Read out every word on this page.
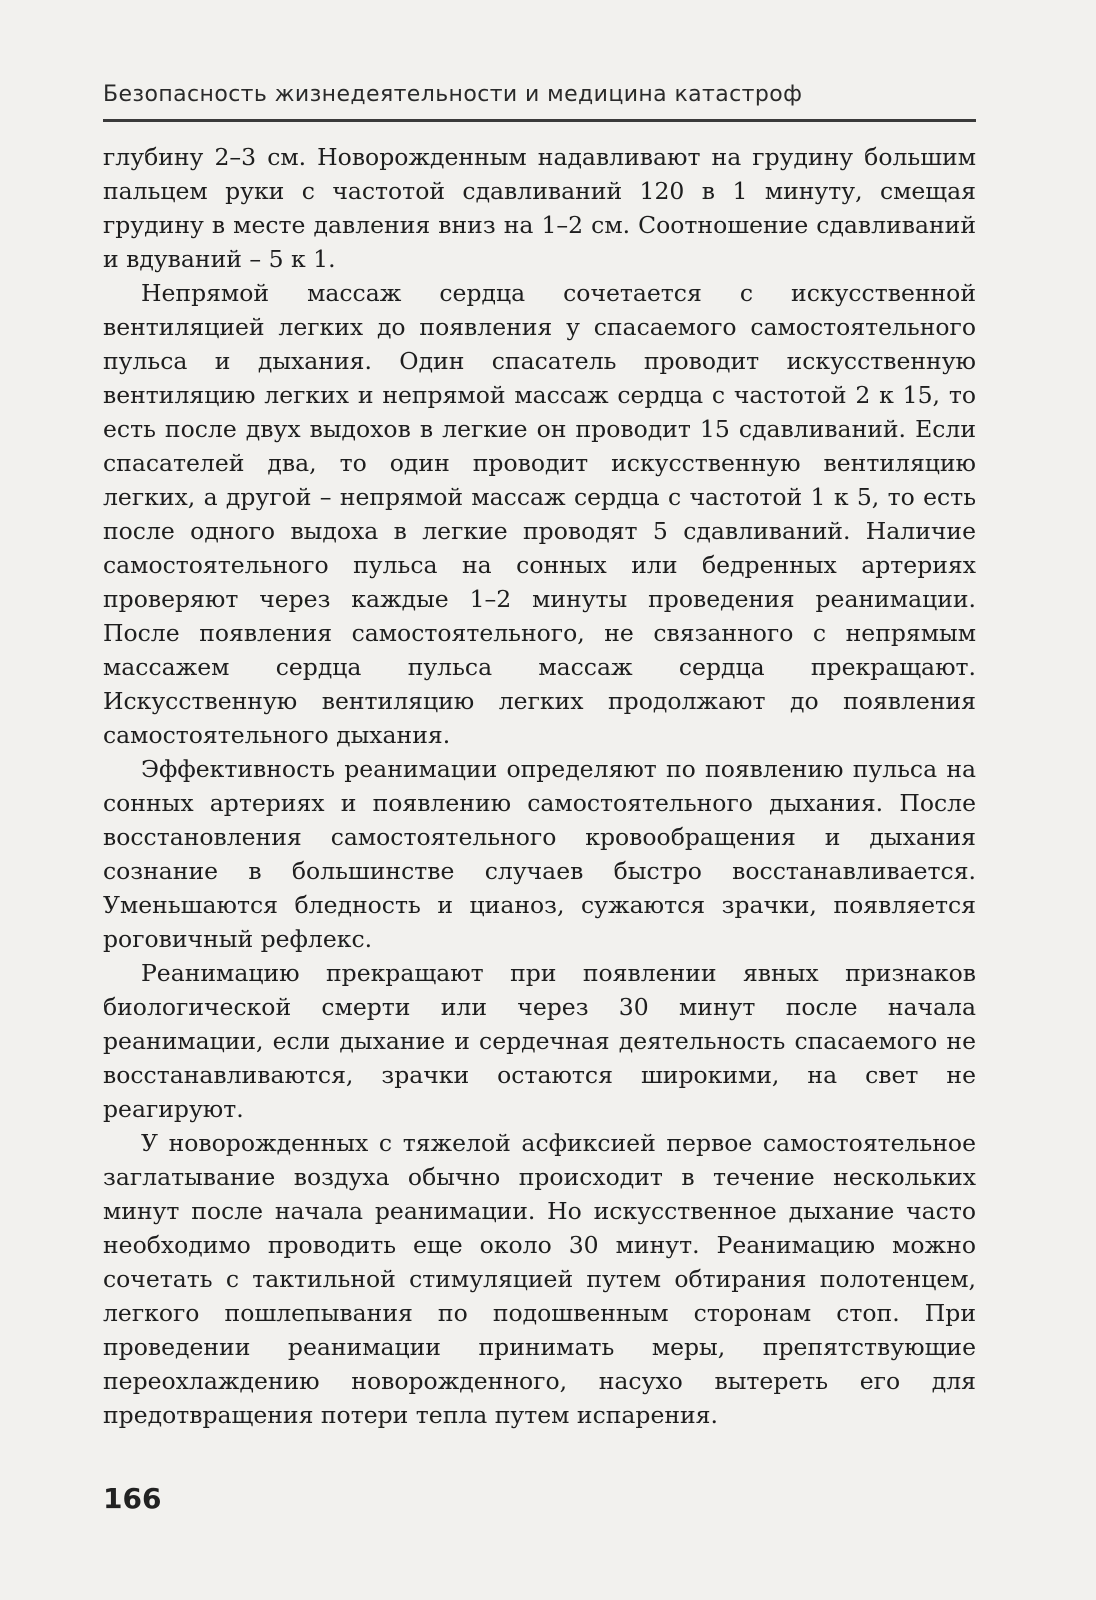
Безопасность жизнедеятельности и медицина катастроф

глубину 2–3 см. Новорожденным надавливают на грудину большим пальцем руки с частотой сдавливаний 120 в 1 минуту, смещая грудину в месте давления вниз на 1–2 см. Соотношение сдавливаний и вдуваний – 5 к 1.

Непрямой массаж сердца сочетается с искусственной вентиляцией легких до появления у спасаемого самостоятельного пульса и дыхания. Один спасатель проводит искусственную вентиляцию легких и непрямой массаж сердца с частотой 2 к 15, то есть после двух выдохов в легкие он проводит 15 сдавливаний. Если спасателей два, то один проводит искусственную вентиляцию легких, а другой – непрямой массаж сердца с частотой 1 к 5, то есть после одного выдоха в легкие проводят 5 сдавливаний. Наличие самостоятельного пульса на сонных или бедренных артериях проверяют через каждые 1–2 минуты проведения реанимации. После появления самостоятельного, не связанного с непрямым массажем сердца пульса массаж сердца прекращают. Искусственную вентиляцию легких продолжают до появления самостоятельного дыхания.

Эффективность реанимации определяют по появлению пульса на сонных артериях и появлению самостоятельного дыхания. После восстановления самостоятельного кровообращения и дыхания сознание в большинстве случаев быстро восстанавливается. Уменьшаются бледность и цианоз, сужаются зрачки, появляется роговичный рефлекс.

Реанимацию прекращают при появлении явных признаков биологической смерти или через 30 минут после начала реанимации, если дыхание и сердечная деятельность спасаемого не восстанавливаются, зрачки остаются широкими, на свет не реагируют.

У новорожденных с тяжелой асфиксией первое самостоятельное заглатывание воздуха обычно происходит в течение нескольких минут после начала реанимации. Но искусственное дыхание часто необходимо проводить еще около 30 минут. Реанимацию можно сочетать с тактильной стимуляцией путем обтирания полотенцем, легкого пошлепывания по подошвенным сторонам стоп. При проведении реанимации принимать меры, препятствующие переохлаждению новорожденного, насухо вытереть его для предотвращения потери тепла путем испарения.

166
